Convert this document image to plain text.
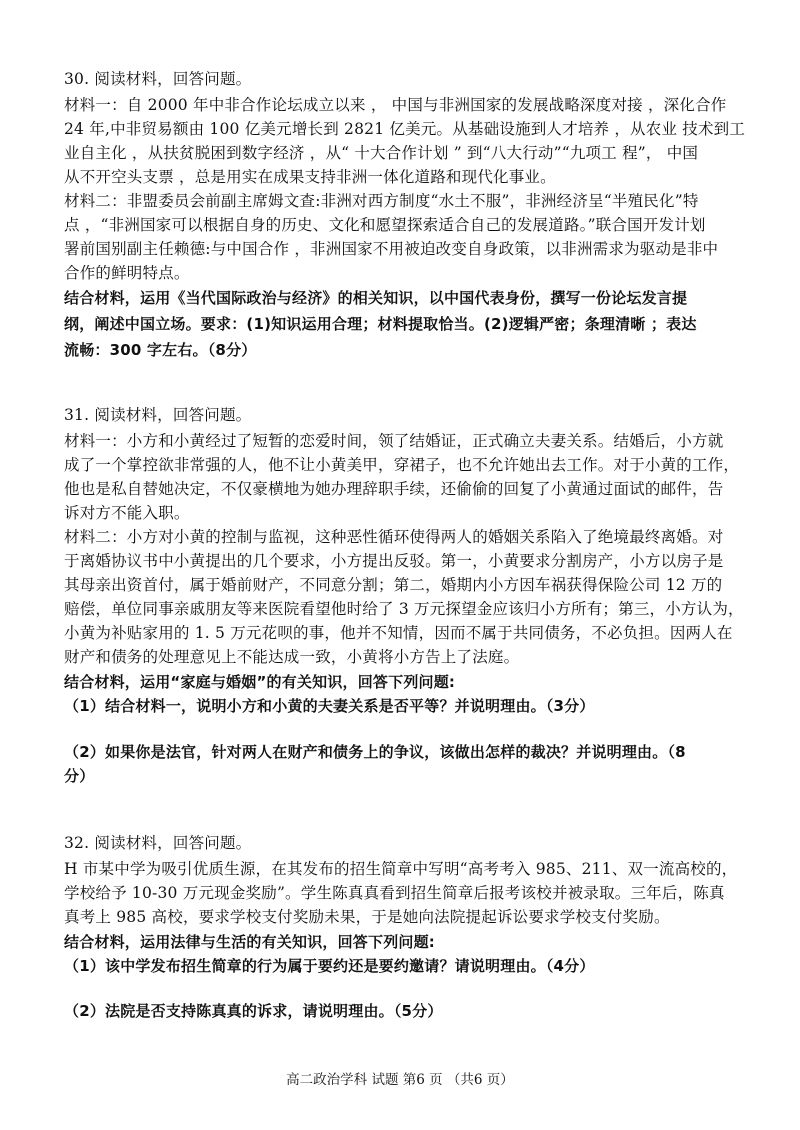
30. 阅读材料，回答问题。
材料一：自 2000 年中非合作论坛成立以来 ， 中国与非洲国家的发展战略深度对接 ，深化合作
24 年,中非贸易额由 100 亿美元增长到 2821 亿美元。从基础设施到人才培养 ，从农业 技术到工
业自主化 ，从扶贫脱困到数字经济 ，从“ 十大合作计划 ” 到“八大行动”“九项工 程”， 中国
从不开空头支票 ，总是用实在成果支持非洲一体化道路和现代化事业。
材料二：非盟委员会前副主席姆文查:非洲对西方制度“水土不服”，非洲经济呈“半殖民化”特
点 ，“非洲国家可以根据自身的历史、文化和愿望探索适合自己的发展道路。”联合国开发计划
署前国别副主任赖德:与中国合作 ，非洲国家不用被迫改变自身政策，以非洲需求为驱动是非中
合作的鲜明特点。
结合材料，运用《当代国际政治与经济》的相关知识，以中国代表身份，撰写一份论坛发言提
纲，阐述中国立场。要求：(1)知识运用合理；材料提取恰当。(2)逻辑严密；条理清晰 ；表达
流畅：300 字左右。（8分）
31. 阅读材料，回答问题。
材料一：小方和小黄经过了短暂的恋爱时间，领了结婚证，正式确立夫妻关系。结婚后，小方就
成了一个掌控欲非常强的人，他不让小黄美甲，穿裙子，也不允许她出去工作。对于小黄的工作，
他也是私自替她决定，不仅豪横地为她办理辞职手续，还偷偷的回复了小黄通过面试的邮件，告
诉对方不能入职。
材料二：小方对小黄的控制与监视，这种恶性循环使得两人的婚姻关系陷入了绝境最终离婚。对
于离婚协议书中小黄提出的几个要求，小方提出反驳。第一，小黄要求分割房产，小方以房子是
其母亲出资首付，属于婚前财产，不同意分割；第二，婚期内小方因车祸获得保险公司 12 万的
赔偿，单位同事亲戚朋友等来医院看望他时给了 3 万元探望金应该归小方所有；第三，小方认为，
小黄为补贴家用的 1. 5 万元花呗的事，他并不知情，因而不属于共同债务，不必负担。因两人在
财产和债务的处理意见上不能达成一致，小黄将小方告上了法庭。
结合材料，运用“家庭与婚姻”的有关知识，回答下列问题:
（1）结合材料一，说明小方和小黄的夫妻关系是否平等？并说明理由。（3分）
（2）如果你是法官，针对两人在财产和债务上的争议，该做出怎样的裁决？并说明理由。（8
分）
32. 阅读材料，回答问题。
H 市某中学为吸引优质生源，在其发布的招生简章中写明“高考考入 985、211、双一流高校的，
学校给予 10-30 万元现金奖励”。学生陈真真看到招生简章后报考该校并被录取。三年后，陈真
真考上 985 高校，要求学校支付奖励未果，于是她向法院提起诉讼要求学校支付奖励。
结合材料，运用法律与生活的有关知识，回答下列问题:
（1）该中学发布招生简章的行为属于要约还是要约邀请？请说明理由。（4分）
（2）法院是否支持陈真真的诉求，请说明理由。（5分）
高二政治学科 试题 第6 页 （共6 页）
